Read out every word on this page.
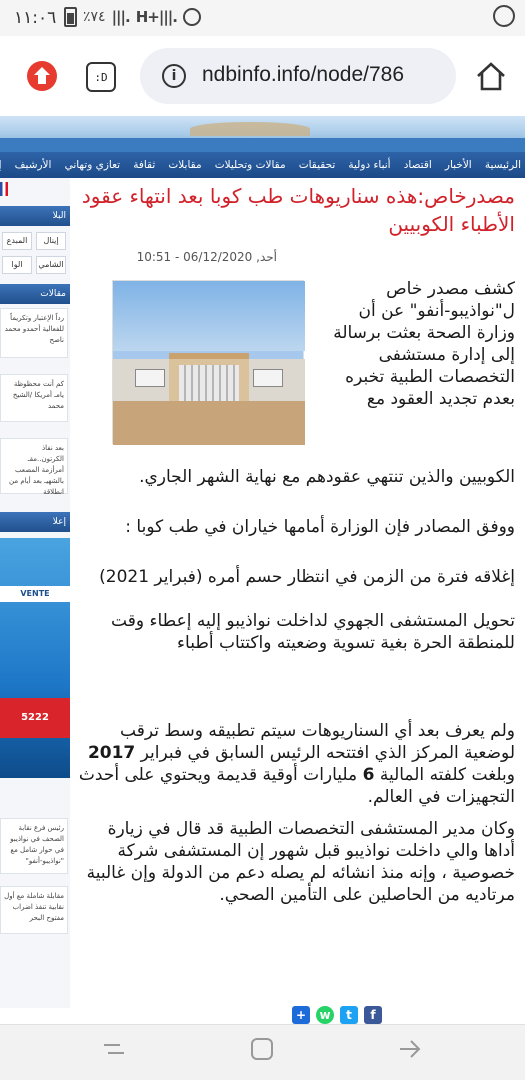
١١:٠٦ ٪٧٤ |||. H+|||.
:D	i	ndbinfo.info/node/786
الرئيسية الأخبار اقتصاد أنباء دولية تحقيقات مقالات وتحليلات مقابلات ثقافة تعازي وتهاني الأرشيف إ
البلا
إينال
المبدع
الشامي
الوا
مقالات
رداً الإعتبار وتكريماً للفعالية أحمدو محمد ناصح
كم أنت محظوظة يامـ أمريكا /الشيخ محمد
بعد نفاذ الكرتون..مقـ أمرأزمة المصعب بالشهيـ بعد أيام من انطلاقة
إعلا
VENTE
5222
رئيس فرع نقابة الصحف في نواذيبو في حوار شامل مع "نواذيبو-أنفو"
مقابلة شاملة مع أول نقابية تنفذ اضراب مفتوح البحر
مصدرخاص:هذه سناريوهات طب كوبا بعد انتهاء عقود الأطباء الكوبيين
أحد, 06/12/2020 - 10:51

كشف مصدر خاص ل"نواذيبو-أنفو" عن أن وزارة الصحة بعثت برسالة إلى إدارة مستشفى التخصصات الطبية تخبره بعدم تجديد العقود مع

الكوبيين والذين تنتهي عقودهم مع نهاية الشهر الجاري.

ووفق المصادر فإن الوزارة أمامها خياران في طب كوبا :

إغلاقه فترة من الزمن في انتظار حسم أمره (فبراير 2021)

تحويل المستشفى الجهوي لداخلت نواذيبو إليه إعطاء وقت للمنطقة الحرة بغية تسوية وضعيته واكتتاب أطباء

ولم يعرف بعد أي السناريوهات سيتم تطبيقه وسط ترقب لوضعية المركز الذي افتتحه الرئيس السابق في فبراير 2017 وبلغت كلفته المالية 6 مليارات أوقية قديمة ويحتوي على أحدث التجهيزات في العالم.

وكان مدير المستشفى التخصصات الطبية قد قال في زيارة أداها والي داخلت نواذيبو قبل شهور إن المستشفى شركة خصوصية ، وإنه منذ انشائه لم يصله دعم من الدولة وإن غالبية مرتاديه من الحاصلين على التأمين الصحي.

+	w	t	f
